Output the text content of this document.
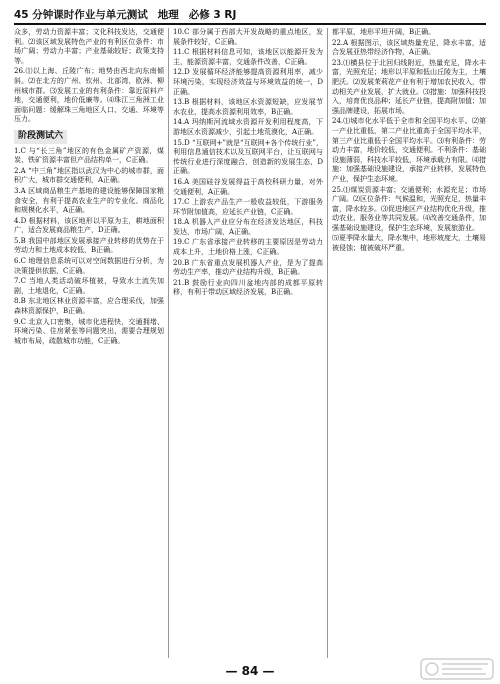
45 分钟课时作业与单元测试 地理 必修 3 RJ

众多，劳动力资源丰富；文化科技发达，交通便利。⑵该区域发展特色产业的有利区位条件：市场广阔；劳动力丰富；产业基础较好；政策支持等。

26.⑴以上海、丘陵广布；地势由西北向东南倾斜。⑵在北方的广州、钦州、北部湾、欧洲、柳州城市群。⑶发展工业的有利条件：靠近原料产地，交通便利，地价低廉等。⑷珠江三角洲工业面临问题：缓解珠三角地区人口、交通、环境等压力。

阶段测试六

1.C 与“长三角”地区的有色金属矿产资源，煤炭、铁矿资源丰富但产品结构单一，C正确。

2.A “中三角”地区指以武汉为中心的城市群，面积广大，城市群交通便利，A正确。

3.A 区域商品粮生产基地的建设能够保障国家粮食安全，有利于提高农业生产的专业化、商品化和规模化水平，A正确。

4.D 根据材料，该区地形以平原为主，耕地面积广，适合发展商品粮生产，D正确。

5.B 我国中部地区发展承接产业转移的优势在于劳动力和土地成本较低，B正确。

6.C 地理信息系统可以对空间数据进行分析，为决策提供依据，C正确。

7.C 当地人类活动破坏植被，导致水土流失加剧，土地退化，C正确。

8.B 东北地区林业资源丰富，应合理采伐，加强森林资源保护，B正确。

9.C 北京人口密集，城市化进程快，交通拥堵、环境污染、住房紧张等问题突出，需要合理规划城市布局，疏散城市功能，C正确。

10.C 部分属于西部大开发战略的重点地区，发展条件较好，C正确。

11.C 根据材料信息可知，该地区以能源开发为主，能源资源丰富，交通条件改善，C正确。

12.D 发展循环经济能够提高资源利用率，减少环境污染，实现经济效益与环境效益的统一，D正确。

13.B 根据材料，该地区水资源短缺，应发展节水农业，提高水资源利用效率，B正确。

14.A 玛纳斯河流域水资源开发利用程度高，下游地区水资源减少，引起土地荒漠化，A正确。

15.D “互联网+”就是“互联网+各个传统行业”，利用信息通信技术以及互联网平台，让互联网与传统行业进行深度融合，创造新的发展生态，D正确。

16.A 美国硅谷发展得益于高校科研力量，对外交通便利，A正确。

17.C 上游农产品生产一般收益较低，下游服务环节附加值高，应延长产业链，C正确。

18.A 机器人产业应分布在经济发达地区，科技发达，市场广阔，A正确。

19.C 广东省承接产业转移的主要原因是劳动力成本上升，土地价格上涨，C正确。

20.B 广东省重点发展机器人产业，是为了提高劳动生产率，推动产业结构升级，B正确。

21.B 鼓励行业向四川盆地内部的成都平原转移，有利于带动区域经济发展，B正确。

都平原，地形平坦开阔，B正确。

22.A 根据图示，该区域热量充足，降水丰富，适合发展亚热带经济作物，A正确。

23.⑴横县位于北回归线附近，热量充足，降水丰富，光照充足；地形以平原和低山丘陵为主，土壤肥沃。⑵发展茉莉花产业有利于增加农民收入，带动相关产业发展，扩大就业。⑶措施：加强科技投入，培育优良品种；延长产业链，提高附加值；加强品牌建设，拓展市场。

24.⑴城市化水平低于全市和全国平均水平。⑵第一产业比重低，第二产业比重高于全国平均水平，第三产业比重低于全国平均水平。⑶有利条件：劳动力丰富，地价较低，交通便利。不利条件：基础设施薄弱，科技水平较低，环境承载力有限。⑷措施：加强基础设施建设，承接产业转移，发展特色产业，保护生态环境。

25.⑴煤炭资源丰富；交通便利；水源充足；市场广阔。⑵区位条件：气候温和，光照充足，热量丰富，降水较多。⑶促进地区产业结构优化升级，推动农业、服务业等共同发展。⑷改善交通条件，加强基础设施建设，保护生态环境，发展旅游业。

⑸夏季降水量大，降水集中，地形坡度大，土壤易被侵蚀；植被破坏严重。

— 84 —
